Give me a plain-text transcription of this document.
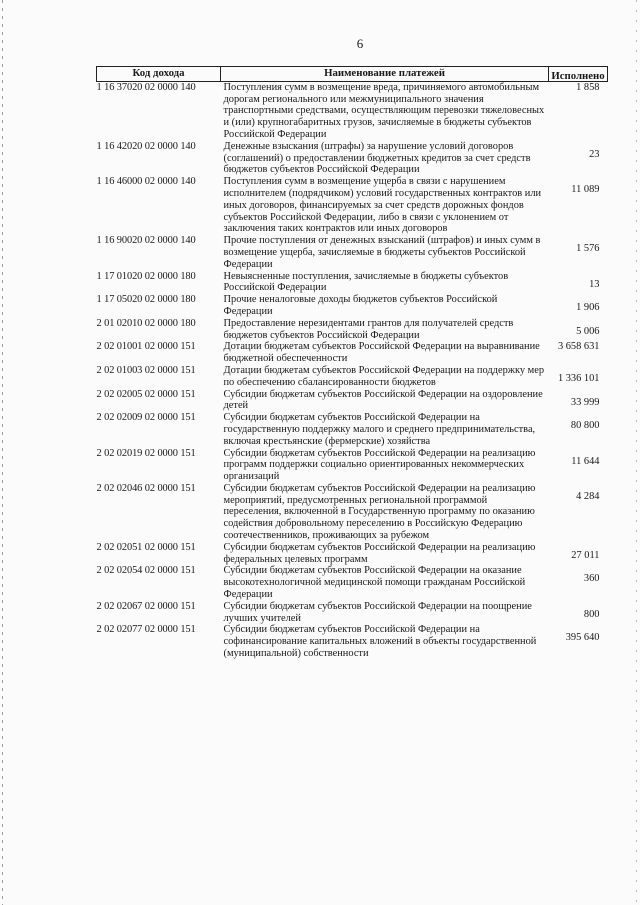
6
Код дохода	Наименование платежей	Исполнено
1 16 37020 02 0000 140	Поступления сумм в возмещение вреда, причиняемого автомобильным дорогам регионального или межмуниципального значения транспортными средствами, осуществляющим перевозки тяжеловесных и (или) крупногабаритных грузов, зачисляемые в бюджеты субъектов Российской Федерации	1 858
1 16 42020 02 0000 140	Денежные взыскания (штрафы) за нарушение условий договоров (соглашений) о предоставлении бюджетных кредитов за счет средств бюджетов субъектов Российской Федерации	23
1 16 46000 02 0000 140	Поступления сумм в возмещение ущерба в связи с нарушением исполнителем (подрядчиком) условий государственных контрактов или иных договоров, финансируемых за счет средств дорожных фондов субъектов Российской Федерации, либо в связи с уклонением от заключения таких контрактов или иных договоров	11 089
1 16 90020 02 0000 140	Прочие поступления от денежных взысканий (штрафов) и иных сумм в возмещение ущерба, зачисляемые в бюджеты субъектов Российской Федерации	1 576
1 17 01020 02 0000 180	Невыясненные поступления, зачисляемые в бюджеты субъектов Российской Федерации	13
1 17 05020 02 0000 180	Прочие неналоговые доходы бюджетов субъектов Российской Федерации	1 906
2 01 02010 02 0000 180	Предоставление нерезидентами грантов для получателей средств бюджетов субъектов Российской Федерации	5 006
2 02 01001 02 0000 151	Дотации бюджетам субъектов Российской Федерации на выравнивание бюджетной обеспеченности	3 658 631
2 02 01003 02 0000 151	Дотации бюджетам субъектов Российской Федерации на поддержку мер по обеспечению сбалансированности бюджетов	1 336 101
2 02 02005 02 0000 151	Субсидии бюджетам субъектов Российской Федерации на оздоровление детей	33 999
2 02 02009 02 0000 151	Субсидии бюджетам субъектов Российской Федерации на государственную поддержку малого и среднего предпринимательства, включая крестьянские (фермерские) хозяйства	80 800
2 02 02019 02 0000 151	Субсидии бюджетам субъектов Российской Федерации на реализацию программ поддержки социально ориентированных некоммерческих организаций	11 644
2 02 02046 02 0000 151	Субсидии бюджетам субъектов Российской Федерации на реализацию мероприятий, предусмотренных региональной программой переселения, включенной в Государственную программу по оказанию содействия добровольному переселению в Российскую Федерацию соотечественников, проживающих за рубежом	4 284
2 02 02051 02 0000 151	Субсидии бюджетам субъектов Российской Федерации на реализацию федеральных целевых программ	27 011
2 02 02054 02 0000 151	Субсидии бюджетам субъектов Российской Федерации на оказание высокотехнологичной медицинской помощи гражданам Российской Федерации	360
2 02 02067 02 0000 151	Субсидии бюджетам субъектов Российской Федерации на поощрение лучших учителей	800
2 02 02077 02 0000 151	Субсидии бюджетам субъектов Российской Федерации на софинансирование капитальных вложений в объекты государственной (муниципальной) собственности	395 640
